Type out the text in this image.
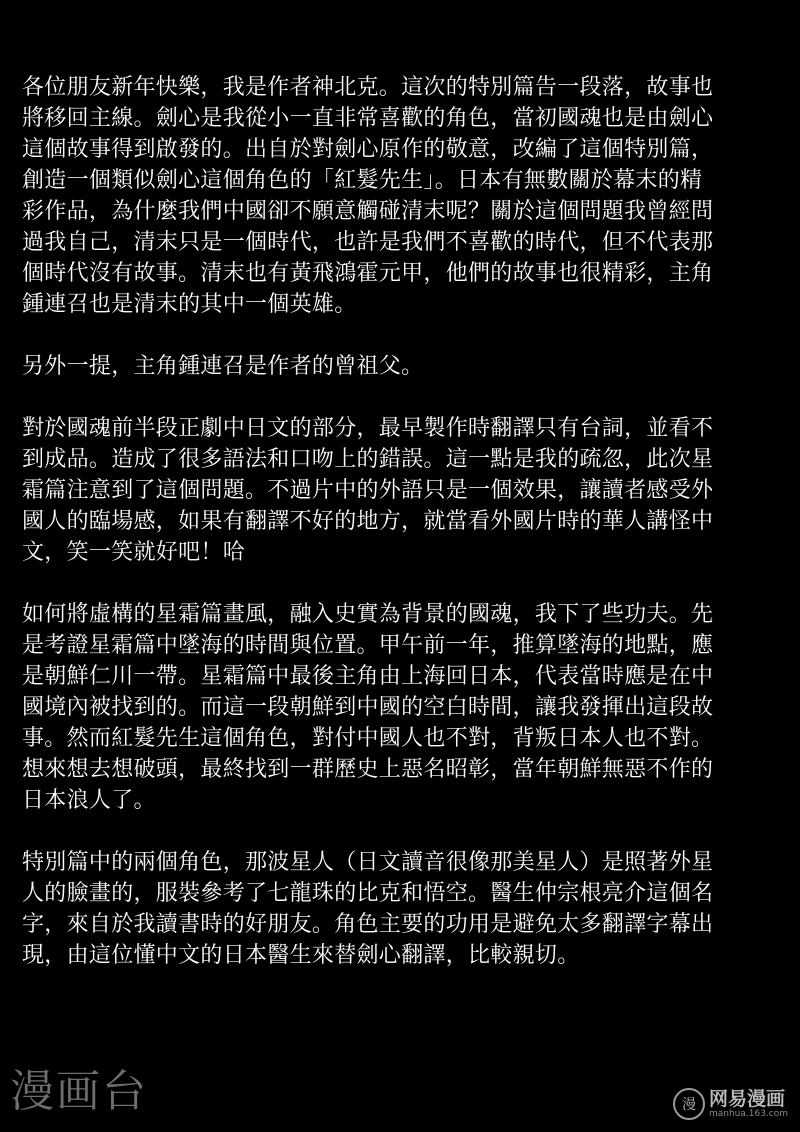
各位朋友新年快樂，我是作者神北克。這次的特別篇告一段落，故事也
將移回主線。劍心是我從小一直非常喜歡的角色，當初國魂也是由劍心
這個故事得到啟發的。出自於對劍心原作的敬意，改編了這個特別篇，
創造一個類似劍心這個角色的「紅髮先生」。日本有無數關於幕末的精
彩作品，為什麼我們中國卻不願意觸碰清末呢？關於這個問題我曾經問
過我自己，清末只是一個時代，也許是我們不喜歡的時代，但不代表那
個時代沒有故事。清末也有黃飛鴻霍元甲，他們的故事也很精彩，主角
鍾連召也是清末的其中一個英雄。

另外一提，主角鍾連召是作者的曾祖父。

對於國魂前半段正劇中日文的部分，最早製作時翻譯只有台詞，並看不
到成品。造成了很多語法和口吻上的錯誤。這一點是我的疏忽，此次星
霜篇注意到了這個問題。不過片中的外語只是一個效果，讓讀者感受外
國人的臨場感，如果有翻譯不好的地方，就當看外國片時的華人講怪中
文，笑一笑就好吧！哈

如何將虛構的星霜篇畫風，融入史實為背景的國魂，我下了些功夫。先
是考證星霜篇中墜海的時間與位置。甲午前一年，推算墜海的地點，應
是朝鮮仁川一帶。星霜篇中最後主角由上海回日本，代表當時應是在中
國境內被找到的。而這一段朝鮮到中國的空白時間，讓我發揮出這段故
事。然而紅髮先生這個角色，對付中國人也不對，背叛日本人也不對。
想來想去想破頭，最終找到一群歷史上惡名昭彰，當年朝鮮無惡不作的
日本浪人了。

特別篇中的兩個角色，那波星人（日文讀音很像那美星人）是照著外星
人的臉畫的，服裝參考了七龍珠的比克和悟空。醫生仲宗根亮介這個名
字，來自於我讀書時的好朋友。角色主要的功用是避免太多翻譯字幕出
現，由這位懂中文的日本醫生來替劍心翻譯，比較親切。

漫画台	漫 网易漫画
manhua.163.com
